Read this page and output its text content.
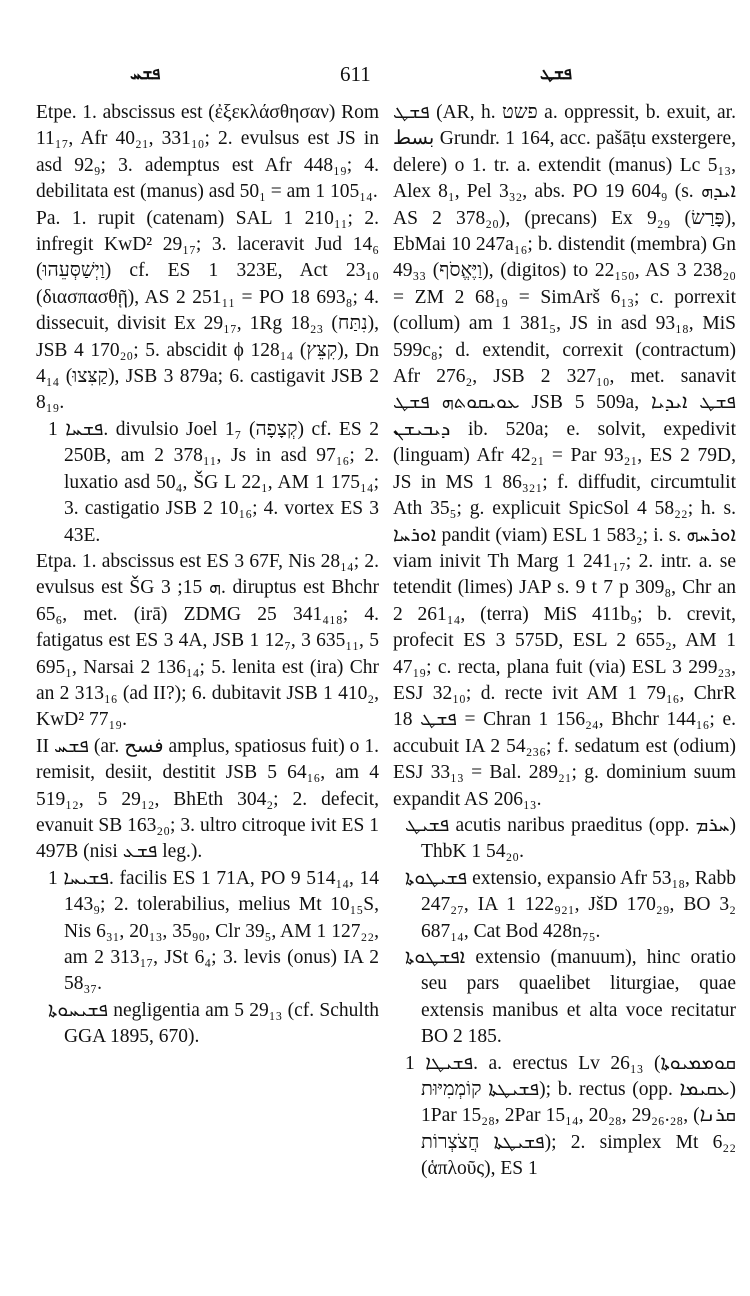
ܦܫܚ	611	ܦܫܛ

Etpe. 1. abscissus est (ἐξεκλάσθησαν) Rom 11₁₇, Afr 40₂₁, 331₁₀; 2. evulsus est JS in asd 92₉; 3. ademptus est Afr 448₁₉; 4. debilitata est (manus) asd 50₁ = am 1 105₁₄.

Pa. 1. rupit (catenam) SAL 1 210₁₁; 2. infregit KwD² 29₁₇; 3. laceravit Jud 14₆ (וַיְשַׁסְּעֵהוּ) cf. ES 1 323E, Act 23₁₀ (διασπασθῇ), AS 2 251₁₁ = PO 18 693₈; 4. dissecuit, divisit Ex 29₁₇, 1Rg 18₂₃ (נִתַּח), JSB 4 170₂₀; 5. abscidit ϕ 128₁₄ (קִצֵּץ), Dn 4₁₄ (קַצִּצוּ), JSB 3 879a; 6. castigavit JSB 2 8₁₉.

ܦܫܚܐ 1. divulsio Joel 1₇ (קְצָפָה) cf. ES 2 250B, am 2 378₁₁, Js in asd 97₁₆; 2. luxatio asd 50₄, ŠG L 22₁, AM 1 175₁₄; 3. castigatio JSB 2 10₁₆; 4. vortex ES 3 43E.

Etpa. 1. abscissus est ES 3 67F, Nis 28₁₄; 2. evulsus est ŠG ܗ 15; 3. diruptus est Bhchr 65₆, met. (irā) ZDMG 25 341₄₁₈; 4. fatigatus est ES 3 4A, JSB 1 12₇, 3 635₁₁, 5 695₁, Narsai 2 136₁₄; 5. lenita est (ira) Chr an 2 313₁₆ (ad II?); 6. dubitavit JSB 1 410₂, KwD² 77₁₉.

II ܦܫܚ (ar. فسح amplus, spatiosus fuit) o 1. remisit, desiit, destitit JSB 5 64₁₆, am 4 519₁₂, 5 29₁₂, BhEth 304₂; 2. defecit, evanuit SB 163₂₀; 3. ultro citroque ivit ES 1 497B (nisi ܦܫܥ leg.).

ܦܫܝܚܐ 1. facilis ES 1 71A, PO 9 514₁₄, 14 143₉; 2. tolerabilius, melius Mt 10₁₅S, Nis 6₃₁, 20₁₃, 35₉₀, Clr 39₅, AM 1 127₂₂, am 2 313₁₇, JSt 6₄; 3. levis (onus) IA 2 58₃₇.

ܦܫܝܚܘܬܐ negligentia am 5 29₁₃ (cf. Schulth GGA 1895, 670).

ܦܫܛ (AR, h. פשט a. oppressit, b. exuit, ar. بسط Grundr. 1 164, acc. pašāṭu exstergere, delere) o 1. tr. a. extendit (manus) Lc 5₁₃, Alex 8₁, Pel 3₃₂, abs. PO 19 604₉ (s. ܐܝܕܗ AS 2 378₂₀), (precans) Ex 9₂₉ (פָּרַשׂ), EbMai 10 247a₁₆; b. distendit (membra) Gn 49₃₃ (וַיֶּאֱסֹף), (digitos) to 22₁₅₀, AS 3 238₂₀ = ZM 2 68₁₉ = SimArš 6₁₃; c. porrexit (collum) am 1 381₅, JS in asd 93₁₈, MiS 599c₈; d. extendit, correxit (contractum) Afr 276₂, JSB 2 327₁₀, met. sanavit ܥܘܝܩܘܬܗ ܦܫܛ JSB 5 509a, ܦܫܛ ܐܝܕܝܐ ܕܝܒܝܫܢ ib. 520a; e. solvit, expedivit (linguam) Afr 42₂₁ = Par 93₂₁, ES 2 79D, JS in MS 1 86₃₂₁; f. diffudit, circumtulit Ath 35₅; g. explicuit SpicSol 4 58₂₂; h. s. ܐܘܪܚܐ pandit (viam) ESL 1 583₂; i. s. ܐܘܪܚܗ viam inivit Th Marg 1 241₁₇; 2. intr. a. se tetendit (limes) JAP s. 9 t 7 p 309₈, Chr an 2 261₁₄, (terra) MiS 411b₉; b. crevit, profecit ES 3 575D, ESL 2 655₂, AM 1 47₁₉; c. recta, plana fuit (via) ESL 3 299₂₃, ESJ 32₁₀; d. recte ivit AM 1 79₁₆, ChrR ܦܫܛ 18 = Chran 1 156₂₄, Bhchr 144₁₆; e. accubuit IA 2 54₂₃₆; f. sedatum est (odium) ESJ 33₁₃ = Bal. 289₂₁; g. dominium suum expandit AS 206₁₃.

ܦܫܝܛ acutis naribus praeditus (opp. ܚܪܡ) ThbK 1 54₂₀.

ܦܫܝܛܘܬܐ extensio, expansio Afr 53₁₈, Rabb 247₂₇, IA 1 122₉₂₁, JšD 170₂₉, BO 3₂ 687₁₄, Cat Bod 428n₇₅.

ܐܦܫܛܘܬܐ extensio (manuum), hinc oratio seu pars quaelibet liturgiae, quae extensis manibus et alta voce recitatur BO 2 185.

ܦܫܝܛܐ 1. a. erectus Lv 26₁₃ (ܩܘܡܡܝܘܬܐ ܦܫܝܛܬܐ קוֹמְמִיּוּת); b. rectus (opp. ܥܩܝܡܐ) 1Par 15₂₈, 2Par 15₁₄, 20₂₈, 29₂₆.₂₈, (ܩܪܢܐ ܦܫܝܛܬܐ חֲצֹצְרוֹת); 2. simplex Mt 6₂₂ (ἁπλοῦς), ES 1
